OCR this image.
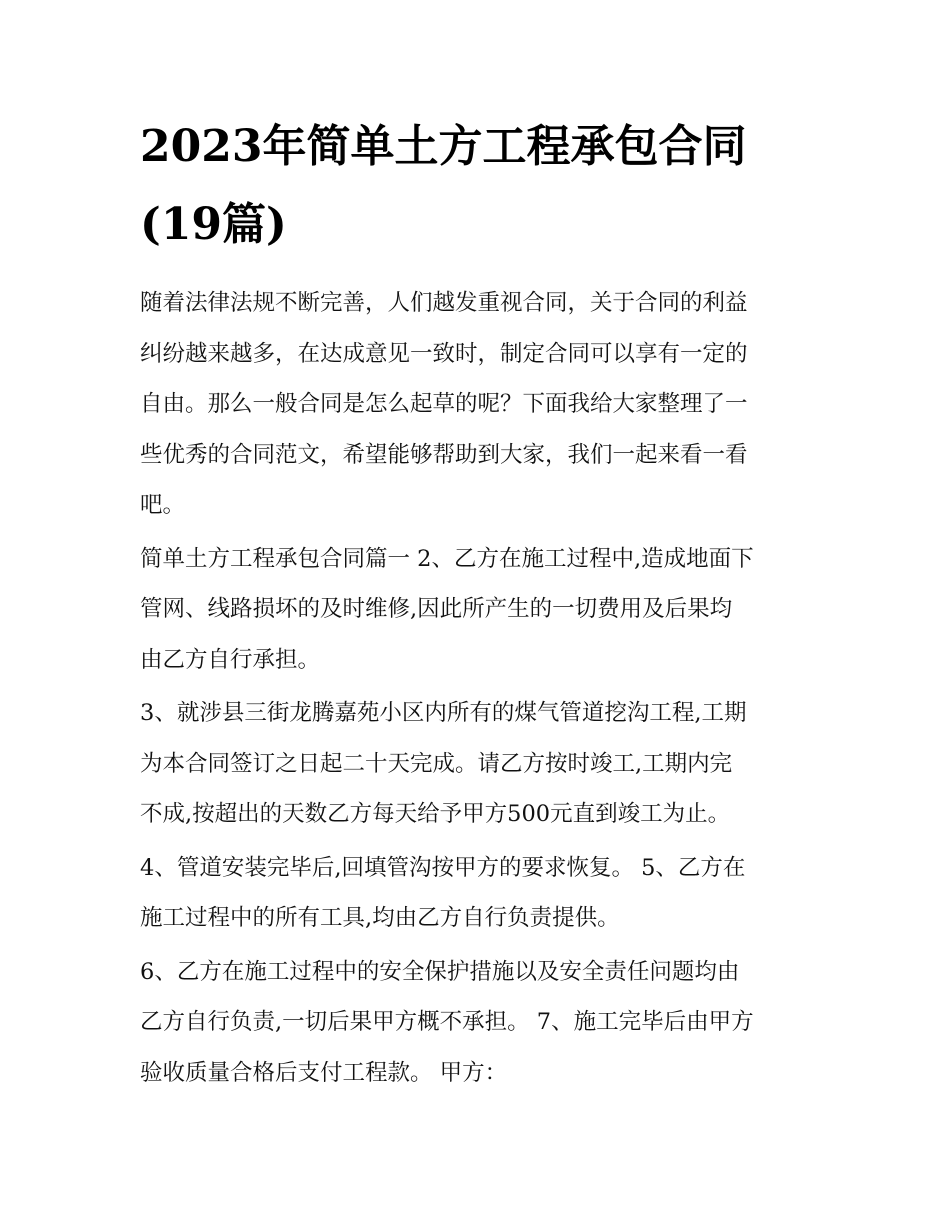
2023年简单土方工程承包合同
(19篇)

随着法律法规不断完善，人们越发重视合同，关于合同的利益
纠纷越来越多，在达成意见一致时，制定合同可以享有一定的
自由。那么一般合同是怎么起草的呢？下面我给大家整理了一
些优秀的合同范文，希望能够帮助到大家，我们一起来看一看
吧。

简单土方工程承包合同篇一 2、乙方在施工过程中,造成地面下
管网、线路损坏的及时维修,因此所产生的一切费用及后果均
由乙方自行承担。

3、就涉县三街龙腾嘉苑小区内所有的煤气管道挖沟工程,工期
为本合同签订之日起二十天完成。请乙方按时竣工,工期内完
不成,按超出的天数乙方每天给予甲方500元直到竣工为止。

4、管道安装完毕后,回填管沟按甲方的要求恢复。 5、乙方在
施工过程中的所有工具,均由乙方自行负责提供。

6、乙方在施工过程中的安全保护措施以及安全责任问题均由
乙方自行负责,一切后果甲方概不承担。 7、施工完毕后由甲方
验收质量合格后支付工程款。 甲方：
